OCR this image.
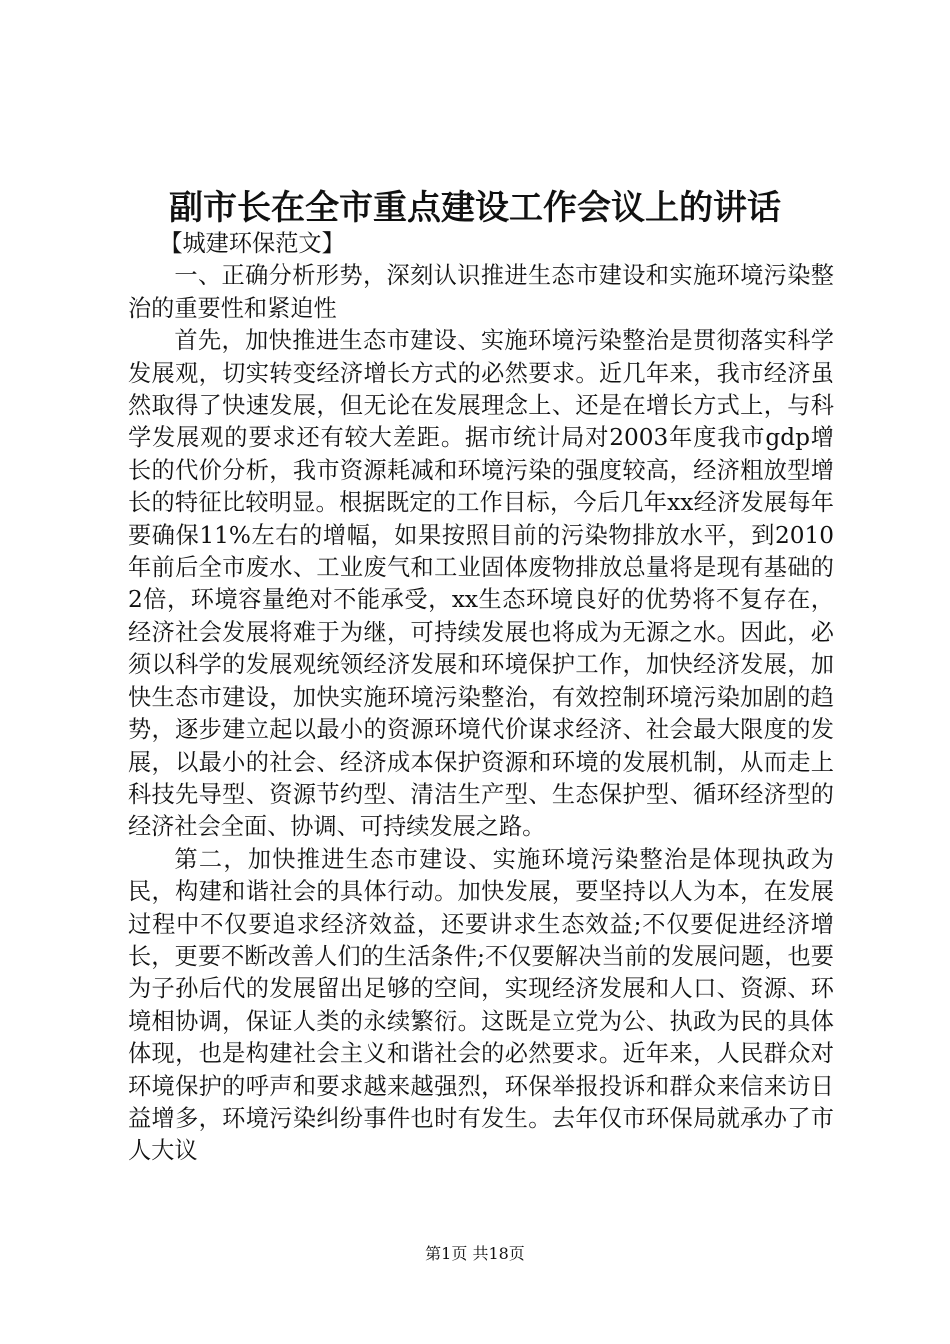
副市长在全市重点建设工作会议上的讲话

【城建环保范文】

一、正确分析形势，深刻认识推进生态市建设和实施环境污染整治的重要性和紧迫性

首先，加快推进生态市建设、实施环境污染整治是贯彻落实科学发展观，切实转变经济增长方式的必然要求。近几年来，我市经济虽然取得了快速发展，但无论在发展理念上、还是在增长方式上，与科学发展观的要求还有较大差距。据市统计局对2003年度我市gdp增长的代价分析，我市资源耗减和环境污染的强度较高，经济粗放型增长的特征比较明显。根据既定的工作目标，今后几年xx经济发展每年要确保11%左右的增幅，如果按照目前的污染物排放水平，到2010年前后全市废水、工业废气和工业固体废物排放总量将是现有基础的2倍，环境容量绝对不能承受，xx生态环境良好的优势将不复存在，经济社会发展将难于为继，可持续发展也将成为无源之水。因此，必须以科学的发展观统领经济发展和环境保护工作，加快经济发展，加快生态市建设，加快实施环境污染整治，有效控制环境污染加剧的趋势，逐步建立起以最小的资源环境代价谋求经济、社会最大限度的发展，以最小的社会、经济成本保护资源和环境的发展机制，从而走上科技先导型、资源节约型、清洁生产型、生态保护型、循环经济型的经济社会全面、协调、可持续发展之路。

第二，加快推进生态市建设、实施环境污染整治是体现执政为民，构建和谐社会的具体行动。加快发展，要坚持以人为本，在发展过程中不仅要追求经济效益，还要讲求生态效益;不仅要促进经济增长，更要不断改善人们的生活条件;不仅要解决当前的发展问题，也要为子孙后代的发展留出足够的空间，实现经济发展和人口、资源、环境相协调，保证人类的永续繁衍。这既是立党为公、执政为民的具体体现，也是构建社会主义和谐社会的必然要求。近年来，人民群众对环境保护的呼声和要求越来越强烈，环保举报投诉和群众来信来访日益增多，环境污染纠纷事件也时有发生。去年仅市环保局就承办了市人大议

第1页 共18页
